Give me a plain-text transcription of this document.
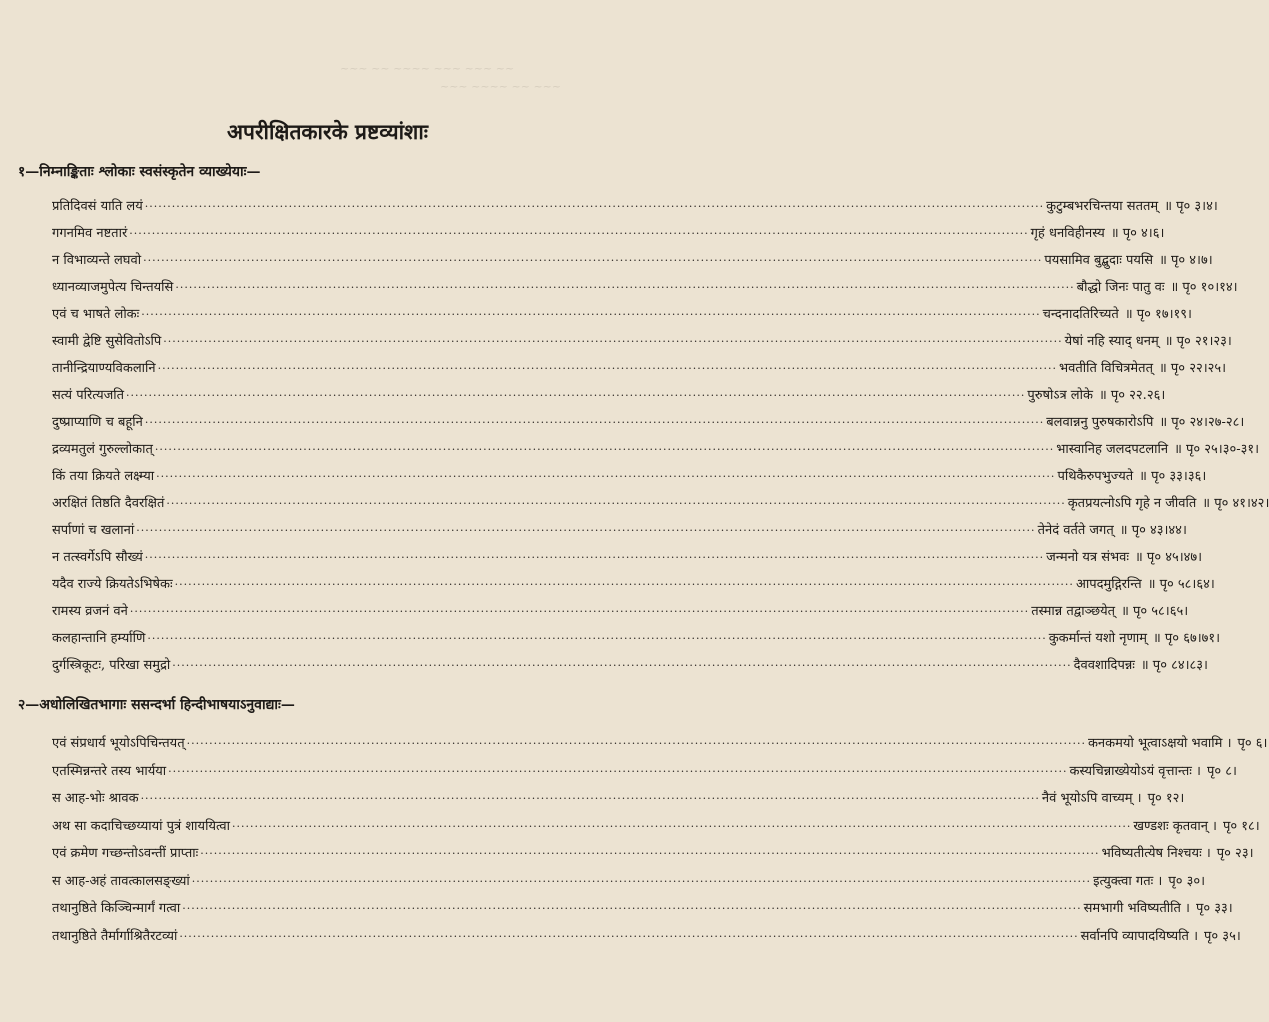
~~~ ~~ ~~~~ ~~~ ~~~ ~~
~~~ ~~~~ ~~ ~~~
अपरीक्षितकारके प्रष्टव्यांशाः
१—निम्नाङ्किताः श्लोकाः स्वसंस्कृतेन व्याख्येयाः—
प्रतिदिवसं याति लयं ········································································································································································································ कुटुम्बभरचिन्तया सततम् ॥ पृ० ३।४।
गगनमिव नष्टतारं ········································································································································································································ गृहं धनविहीनस्य ॥ पृ० ४।६।
न विभाव्यन्ते लघवो ········································································································································································································ पयसामिव बुद्बुदाः पयसि ॥ पृ० ४।७।
ध्यानव्याजमुपेत्य चिन्तयसि ········································································································································································································ बौद्धो जिनः पातु वः ॥ पृ० १०।१४।
एवं च भाषते लोकः ········································································································································································································ चन्दनादतिरिच्यते ॥ पृ० १७।१९।
स्वामी द्वेष्टि सुसेवितोऽपि ········································································································································································································ येषां नहि स्याद् धनम् ॥ पृ० २१।२३।
तानीन्द्रियाण्यविकलानि ········································································································································································································ भवतीति विचित्रमेतत् ॥ पृ० २२।२५।
सत्यं परित्यजति ········································································································································································································ पुरुषोऽत्र लोके ॥ पृ० २२.२६।
दुष्प्राप्याणि च बहूनि ········································································································································································································ बलवान्ननु पुरुषकारोऽपि ॥ पृ० २४।२७-२८।
द्रव्यमतुलं गुरुल्लोकात् ········································································································································································································ भास्वानिह जलदपटलानि ॥ पृ० २५।३०-३१।
किं तया क्रियते लक्ष्म्या ········································································································································································································ पथिकैरुपभुज्यते ॥ पृ० ३३।३६।
अरक्षितं तिष्ठति दैवरक्षितं ········································································································································································································ कृतप्रयत्नोऽपि गृहे न जीवति ॥ पृ० ४१।४२।
सर्पाणां च खलानां ········································································································································································································ तेनेदं वर्तते जगत् ॥ पृ० ४३।४४।
न तत्स्वर्गेऽपि सौख्यं ········································································································································································································ जन्मनो यत्र संभवः ॥ पृ० ४५।४७।
यदैव राज्ये क्रियतेऽभिषेकः ········································································································································································································ आपदमुद्गिरन्ति ॥ पृ० ५८।६४।
रामस्य व्रजनं वने ········································································································································································································ तस्मान्न तद्वाञ्छयेत् ॥ पृ० ५८।६५।
कलहान्तानि हर्म्याणि ········································································································································································································ कुकर्मान्तं यशो नृणाम् ॥ पृ० ६७।७१।
दुर्गस्त्रिकूटः, परिखा समुद्रो ········································································································································································································ दैववशादिपन्नः ॥ पृ० ८४।८३।
२—अधोलिखितभागाः ससन्दर्भा हिन्दीभाषयाऽनुवाद्याः—
एवं संप्रधार्य भूयोऽपिचिन्तयत् ········································································································································································································ कनकमयो भूत्वाऽक्षयो भवामि । पृ० ६।
एतस्मिन्नन्तरे तस्य भार्यया ········································································································································································································ कस्यचिन्नाख्येयोऽयं वृत्तान्तः । पृ० ८।
स आह-भोः श्रावक ········································································································································································································ नैवं भूयोऽपि वाच्यम् । पृ० १२।
अथ सा कदाचिच्छय्यायां पुत्रं शाययित्वा ········································································································································································································ खण्डशः कृतवान् । पृ० १८।
एवं क्रमेण गच्छन्तोऽवन्तीं प्राप्ताः ········································································································································································································ भविष्यतीत्येष निश्चयः । पृ० २३।
स आह-अहं तावत्कालसङ्ख्यां ········································································································································································································ इत्युक्त्वा गतः । पृ० ३०।
तथानुष्ठिते किञ्चिन्मार्गं गत्वा ········································································································································································································ समभागी भविष्यतीति । पृ० ३३।
तथानुष्ठिते तैर्मार्गाश्रितैरटव्यां ········································································································································································································ सर्वानपि व्यापादयिष्यति । पृ० ३५।
